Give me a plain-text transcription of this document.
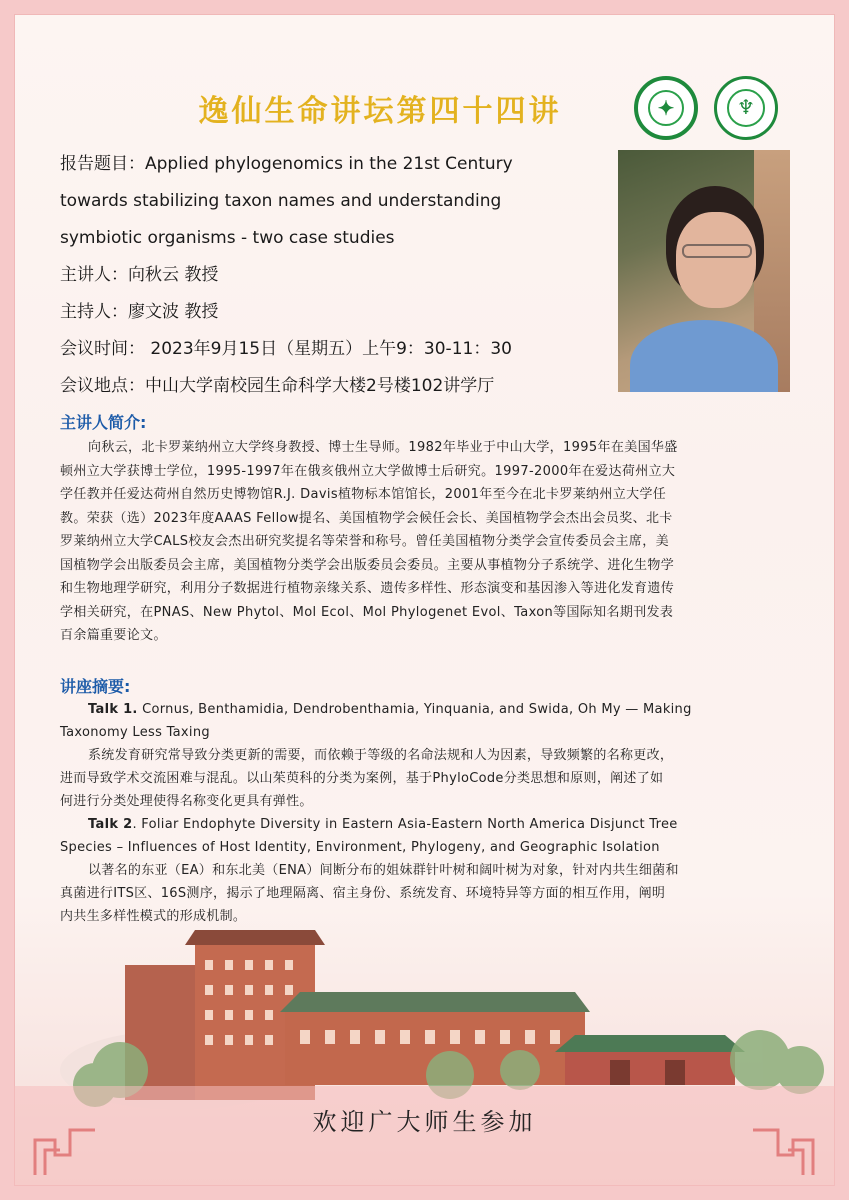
✦	♆
逸仙生命讲坛第四十四讲
报告题目：Applied phylogenomics in the 21st Century
towards stabilizing taxon names and understanding
symbiotic organisms - two case studies
主讲人：向秋云 教授
主持人：廖文波 教授
会议时间： 2023年9月15日（星期五）上午9：30-11：30
会议地点：中山大学南校园生命科学大楼2号楼102讲学厅
主讲人简介:
向秋云，北卡罗莱纳州立大学终身教授、博士生导师。1982年毕业于中山大学，1995年在美国华盛
顿州立大学获博士学位，1995-1997年在俄亥俄州立大学做博士后研究。1997-2000年在爱达荷州立大
学任教并任爱达荷州自然历史博物馆R.J. Davis植物标本馆馆长，2001年至今在北卡罗莱纳州立大学任
教。荣获（选）2023年度AAAS Fellow提名、美国植物学会候任会长、美国植物学会杰出会员奖、北卡
罗莱纳州立大学CALS校友会杰出研究奖提名等荣誉和称号。曾任美国植物分类学会宣传委员会主席，美
国植物学会出版委员会主席，美国植物分类学会出版委员会委员。主要从事植物分子系统学、进化生物学
和生物地理学研究，利用分子数据进行植物亲缘关系、遗传多样性、形态演变和基因渗入等进化发育遗传
学相关研究，在PNAS、New Phytol、Mol Ecol、Mol Phylogenet Evol、Taxon等国际知名期刊发表
百余篇重要论文。
讲座摘要:
Talk 1. Cornus, Benthamidia, Dendrobenthamia, Yinquania, and Swida, Oh My — Making
Taxonomy Less Taxing
系统发育研究常导致分类更新的需要，而依赖于等级的名命法规和人为因素，导致频繁的名称更改，
进而导致学术交流困难与混乱。以山茱萸科的分类为案例，基于PhyloCode分类思想和原则，阐述了如
何进行分类处理使得名称变化更具有弹性。
Talk 2. Foliar Endophyte Diversity in Eastern Asia-Eastern North America Disjunct Tree
Species – Influences of Host Identity, Environment, Phylogeny, and Geographic Isolation
以著名的东亚（EA）和东北美（ENA）间断分布的姐妹群针叶树和阔叶树为对象，针对内共生细菌和
真菌进行ITS区、16S测序，揭示了地理隔离、宿主身份、系统发育、环境特异等方面的相互作用，阐明
内共生多样性模式的形成机制。
欢迎广大师生参加
